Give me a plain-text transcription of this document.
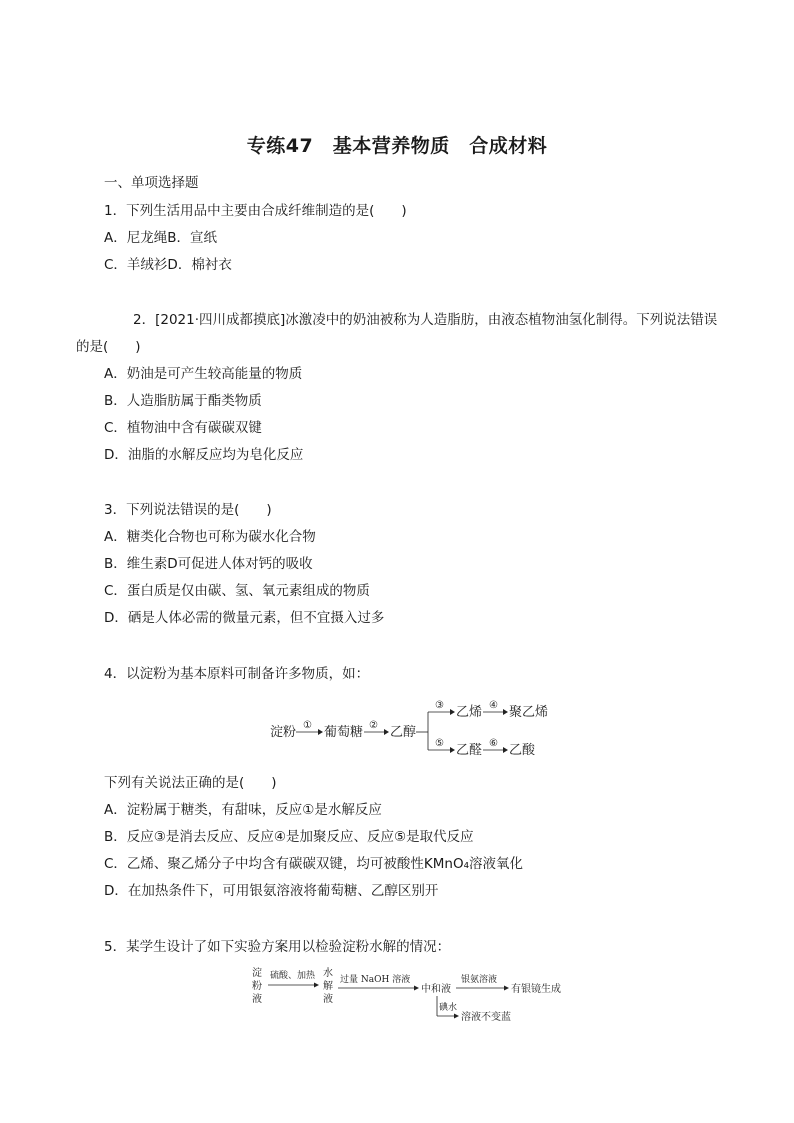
专练47　基本营养物质　合成材料
一、单项选择题
1．下列生活用品中主要由合成纤维制造的是(　　)
A．尼龙绳B．宣纸
C．羊绒衫D．棉衬衣
2．[2021·四川成都摸底]冰激凌中的奶油被称为人造脂肪，由液态植物油氢化制得。下列说法错误
的是(　　)
A．奶油是可产生较高能量的物质
B．人造脂肪属于酯类物质
C．植物油中含有碳碳双键
D．油脂的水解反应均为皂化反应
3．下列说法错误的是(　　)
A．糖类化合物也可称为碳水化合物
B．维生素D可促进人体对钙的吸收
C．蛋白质是仅由碳、氢、氧元素组成的物质
D．硒是人体必需的微量元素，但不宜摄入过多
4．以淀粉为基本原料可制备许多物质，如：
淀粉 ① 葡萄糖 ② 乙醇
③
⑤
乙烯 ④ 聚乙烯
乙醛 ⑥ 乙酸
下列有关说法正确的是(　　)
A．淀粉属于糖类，有甜味，反应①是水解反应
B．反应③是消去反应、反应④是加聚反应、反应⑤是取代反应
C．乙烯、聚乙烯分子中均含有碳碳双键，均可被酸性KMnO₄溶液氧化
D．在加热条件下，可用银氨溶液将葡萄糖、乙醇区别开
5．某学生设计了如下实验方案用以检验淀粉水解的情况：
淀
粉
液
硫酸、加热 水
解
液
过量 NaOH 溶液
中和液
银氨溶液
有银镜生成
碘水
溶液不变蓝
